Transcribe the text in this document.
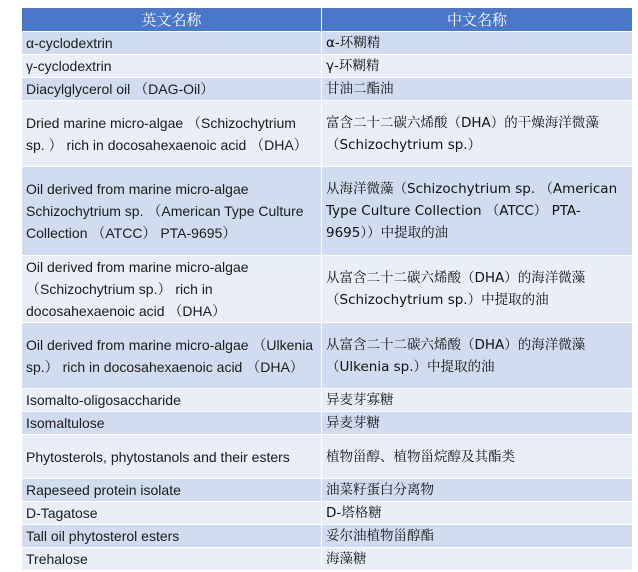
英文名称	中文名称
α-cyclodextrin	α-环糊精
γ-cyclodextrin	γ-环糊精
Diacylglycerol oil （DAG-Oil）	甘油二酯油
Dried marine micro-algae （Schizochytrium sp. ） rich in docosahexaenoic acid （DHA）	富含二十二碳六烯酸（DHA）的干燥海洋微藻（Schizochytrium sp.）
Oil derived from marine micro-algae Schizochytrium sp. （American Type Culture Collection （ATCC） PTA-9695）	从海洋微藻（Schizochytrium sp. （American Type Culture Collection （ATCC） PTA-9695））中提取的油
Oil derived from marine micro-algae （Schizochytrium sp.） rich in docosahexaenoic acid （DHA）	从富含二十二碳六烯酸（DHA）的海洋微藻（Schizochytrium sp.）中提取的油
Oil derived from marine micro-algae （Ulkenia sp.） rich in docosahexaenoic acid （DHA）	从富含二十二碳六烯酸（DHA）的海洋微藻（Ulkenia sp.）中提取的油
Isomalto-oligosaccharide	异麦芽寡糖
Isomaltulose	异麦芽糖
Phytosterols, phytostanols and their esters	植物甾醇、植物甾烷醇及其酯类
Rapeseed protein isolate	油菜籽蛋白分离物
D-Tagatose	D-塔格糖
Tall oil phytosterol esters	妥尔油植物甾醇酯
Trehalose	海藻糖
